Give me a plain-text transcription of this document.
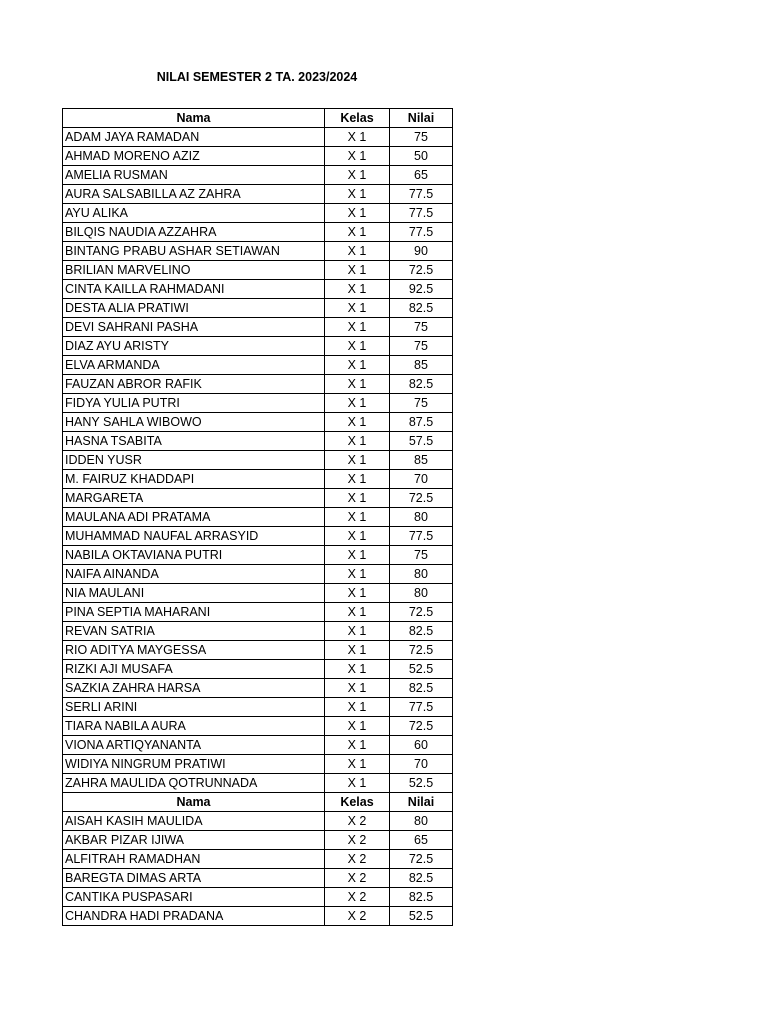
NILAI SEMESTER 2 TA. 2023/2024
Nama	Kelas	Nilai
ADAM JAYA RAMADAN	X 1	75
AHMAD MORENO AZIZ	X 1	50
AMELIA RUSMAN	X 1	65
AURA SALSABILLA AZ ZAHRA	X 1	77.5
AYU ALIKA	X 1	77.5
BILQIS NAUDIA AZZAHRA	X 1	77.5
BINTANG PRABU ASHAR SETIAWAN	X 1	90
BRILIAN MARVELINO	X 1	72.5
CINTA KAILLA RAHMADANI	X 1	92.5
DESTA ALIA PRATIWI	X 1	82.5
DEVI SAHRANI PASHA	X 1	75
DIAZ AYU ARISTY	X 1	75
ELVA ARMANDA	X 1	85
FAUZAN ABROR RAFIK	X 1	82.5
FIDYA YULIA PUTRI	X 1	75
HANY SAHLA WIBOWO	X 1	87.5
HASNA TSABITA	X 1	57.5
IDDEN YUSR	X 1	85
M. FAIRUZ KHADDAPI	X 1	70
MARGARETA	X 1	72.5
MAULANA ADI PRATAMA	X 1	80
MUHAMMAD NAUFAL ARRASYID	X 1	77.5
NABILA OKTAVIANA PUTRI	X 1	75
NAIFA AINANDA	X 1	80
NIA MAULANI	X 1	80
PINA SEPTIA MAHARANI	X 1	72.5
REVAN SATRIA	X 1	82.5
RIO ADITYA MAYGESSA	X 1	72.5
RIZKI AJI MUSAFA	X 1	52.5
SAZKIA ZAHRA HARSA	X 1	82.5
SERLI ARINI	X 1	77.5
TIARA NABILA AURA	X 1	72.5
VIONA ARTIQYANANTA	X 1	60
WIDIYA NINGRUM PRATIWI	X 1	70
ZAHRA MAULIDA QOTRUNNADA	X 1	52.5
Nama	Kelas	Nilai
AISAH KASIH MAULIDA	X 2	80
AKBAR PIZAR IJIWA	X 2	65
ALFITRAH RAMADHAN	X 2	72.5
BAREGTA DIMAS ARTA	X 2	82.5
CANTIKA PUSPASARI	X 2	82.5
CHANDRA HADI PRADANA	X 2	52.5
